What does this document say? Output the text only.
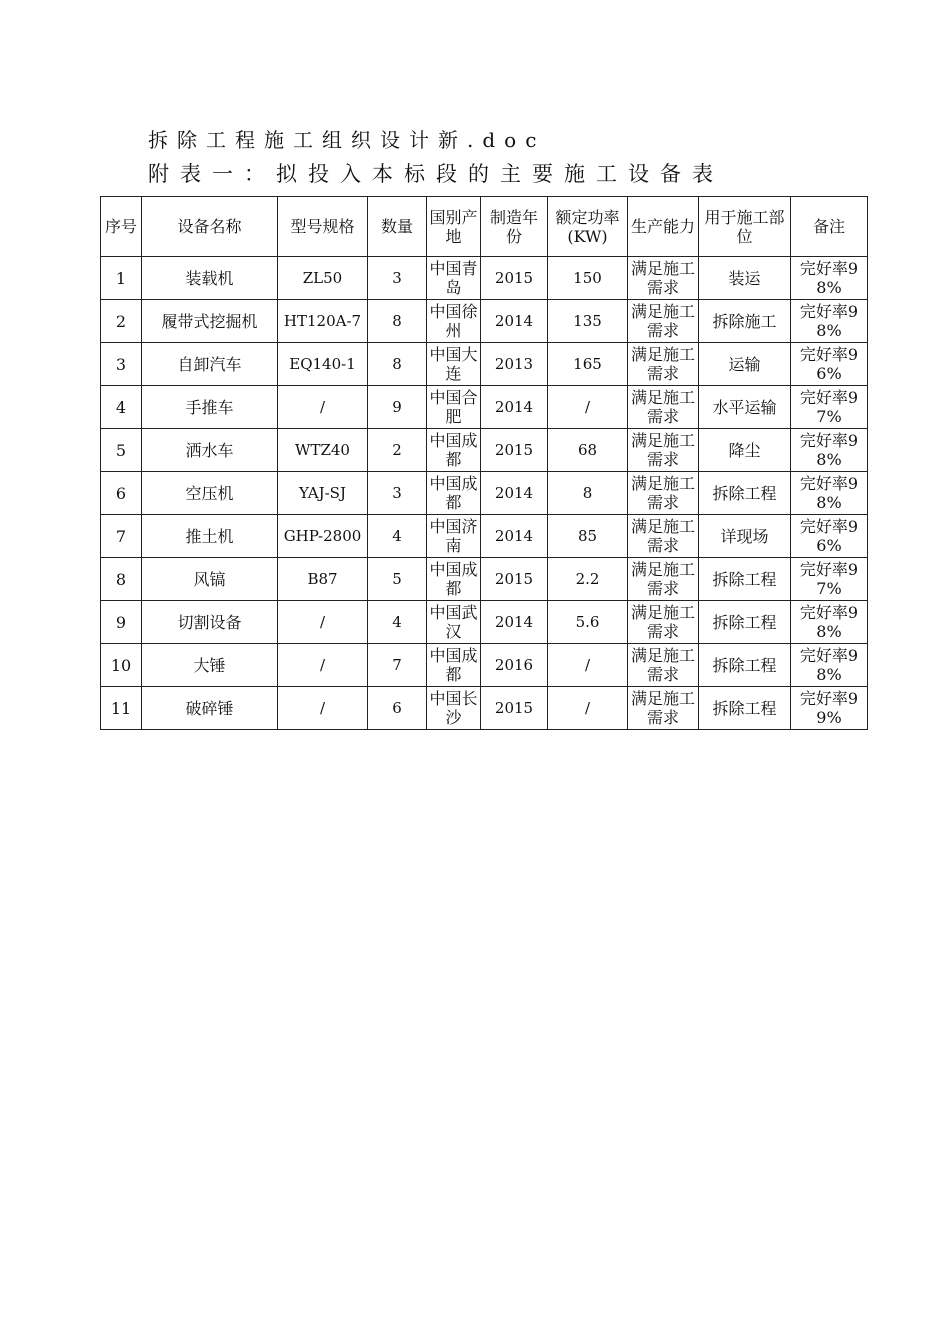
拆除工程施工组织设计新.doc
附表一：拟投入本标段的主要施工设备表
序号	设备名称	型号规格	数量	国别产地	制造年份	额定功率(KW)	生产能力	用于施工部位	备注
1	装载机	ZL50	3	中国青岛	2015	150	满足施工需求	装运	完好率98%
2	履带式挖掘机	HT120A-7	8	中国徐州	2014	135	满足施工需求	拆除施工	完好率98%
3	自卸汽车	EQ140-1	8	中国大连	2013	165	满足施工需求	运输	完好率96%
4	手推车	/	9	中国合肥	2014	/	满足施工需求	水平运输	完好率97%
5	洒水车	WTZ40	2	中国成都	2015	68	满足施工需求	降尘	完好率98%
6	空压机	YAJ-SJ	3	中国成都	2014	8	满足施工需求	拆除工程	完好率98%
7	推土机	GHP-2800	4	中国济南	2014	85	满足施工需求	详现场	完好率96%
8	风镐	B87	5	中国成都	2015	2.2	满足施工需求	拆除工程	完好率97%
9	切割设备	/	4	中国武汉	2014	5.6	满足施工需求	拆除工程	完好率98%
10	大锤	/	7	中国成都	2016	/	满足施工需求	拆除工程	完好率98%
11	破碎锤	/	6	中国长沙	2015	/	满足施工需求	拆除工程	完好率99%
